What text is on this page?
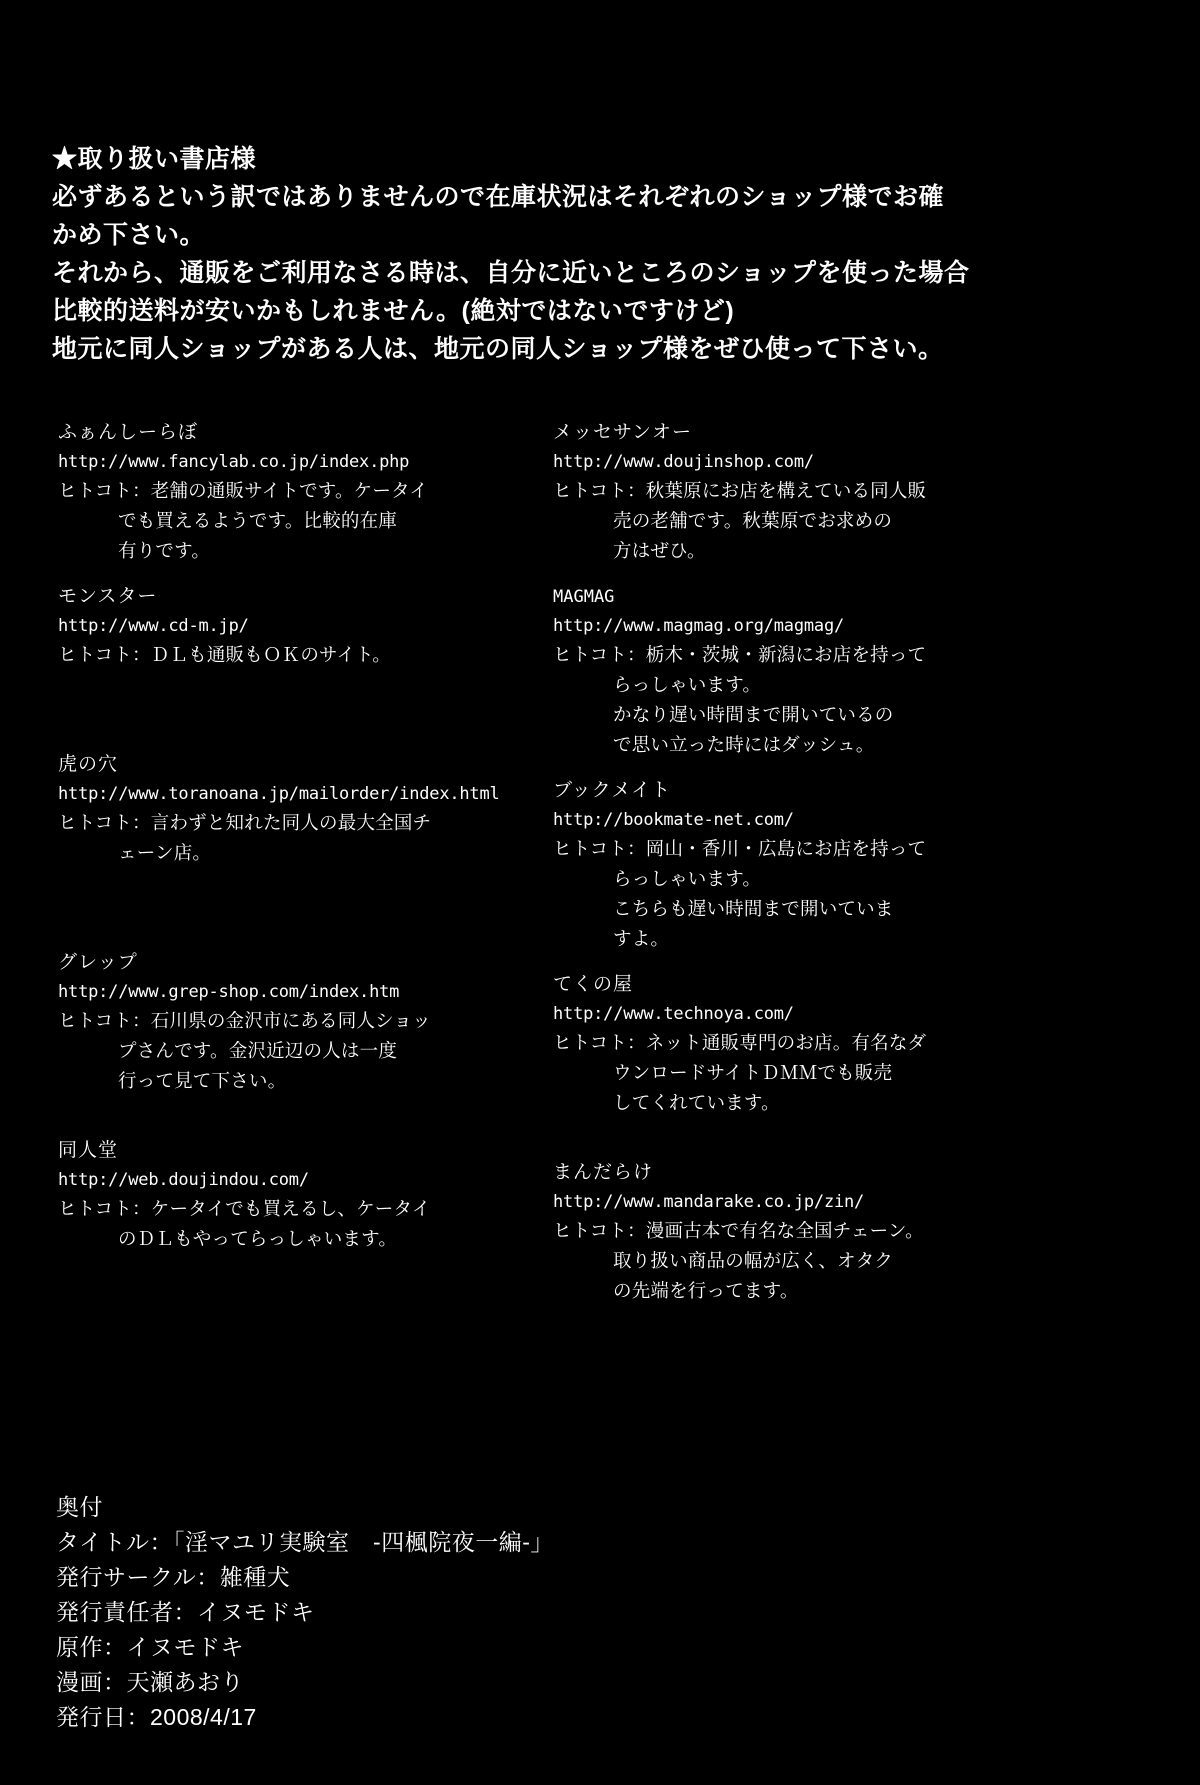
★取り扱い書店様
必ずあるという訳ではありませんので在庫状況はそれぞれのショップ様でお確
かめ下さい。
それから、通販をご利用なさる時は、自分に近いところのショップを使った場合
比較的送料が安いかもしれません。(絶対ではないですけど)
地元に同人ショップがある人は、地元の同人ショップ様をぜひ使って下さい。
ふぁんしーらぼ
http://www.fancylab.co.jp/index.php
ヒトコト：老舗の通販サイトです。ケータイ
でも買えるようです。比較的在庫
有りです。
モンスター
http://www.cd-m.jp/
ヒトコト：ＤＬも通販もＯＫのサイト。
虎の穴
http://www.toranoana.jp/mailorder/index.html
ヒトコト：言わずと知れた同人の最大全国チ
ェーン店。
グレップ
http://www.grep-shop.com/index.htm
ヒトコト：石川県の金沢市にある同人ショッ
プさんです。金沢近辺の人は一度
行って見て下さい。
同人堂
http://web.doujindou.com/
ヒトコト：ケータイでも買えるし、ケータイ
のＤＬもやってらっしゃいます。
メッセサンオー
http://www.doujinshop.com/
ヒトコト：秋葉原にお店を構えている同人販
売の老舗です。秋葉原でお求めの
方はぜひ。
MAGMAG
http://www.magmag.org/magmag/
ヒトコト：栃木・茨城・新潟にお店を持って
らっしゃいます。
かなり遅い時間まで開いているの
で思い立った時にはダッシュ。
ブックメイト
http://bookmate-net.com/
ヒトコト：岡山・香川・広島にお店を持って
らっしゃいます。
こちらも遅い時間まで開いていま
すよ。
てくの屋
http://www.technoya.com/
ヒトコト：ネット通販専門のお店。有名なダ
ウンロードサイトＤＭＭでも販売
してくれています。
まんだらけ
http://www.mandarake.co.jp/zin/
ヒトコト：漫画古本で有名な全国チェーン。
取り扱い商品の幅が広く、オタク
の先端を行ってます。
奥付
タイトル：「淫マユリ実験室　-四楓院夜一編-」
発行サークル：雑種犬
発行責任者：イヌモドキ
原作：イヌモドキ
漫画：天瀬あおり
発行日：2008/4/17
